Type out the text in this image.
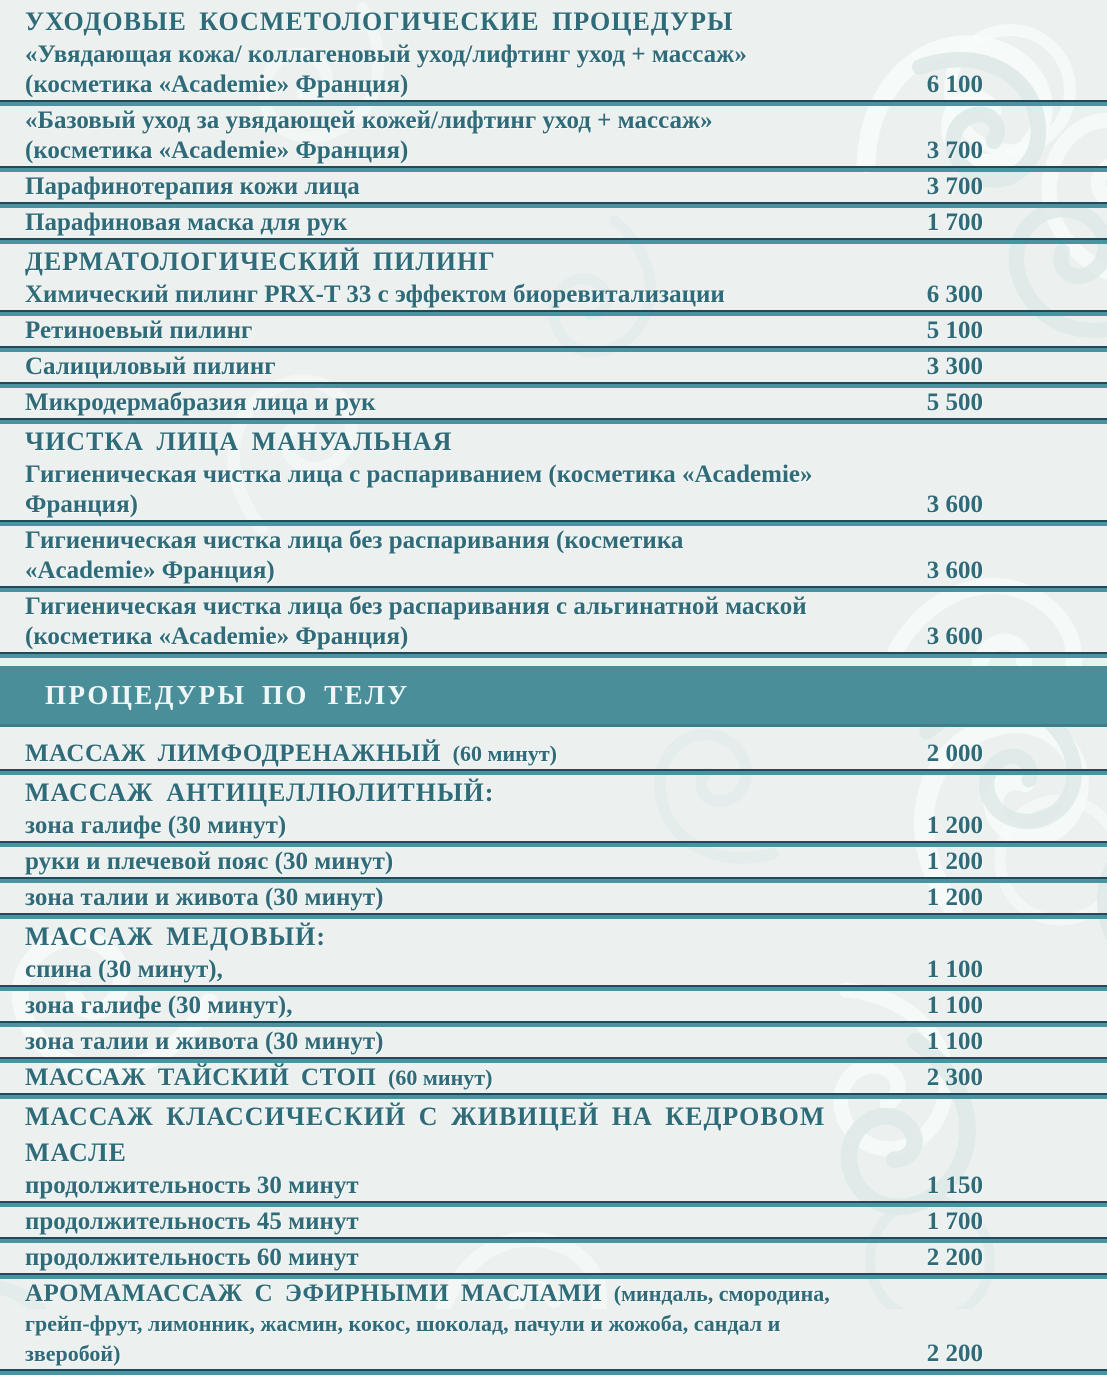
УХОДОВЫЕ КОСМЕТОЛОГИЧЕСКИЕ ПРОЦЕДУРЫ
«Увядающая кожа/ коллагеновый уход/лифтинг уход + массаж»
(косметика «Academie» Франция)	6 100
«Базовый уход за увядающей кожей/лифтинг уход + массаж»
(косметика «Academie» Франция)	3 700
Парафинотерапия кожи лица	3 700
Парафиновая маска для рук	1 700
ДЕРМАТОЛОГИЧЕСКИЙ ПИЛИНГ
Химический пилинг PRX-T 33 с эффектом биоревитализации	6 300
Ретиноевый пилинг	5 100
Салициловый пилинг	3 300
Микродермабразия лица и рук	5 500
ЧИСТКА ЛИЦА МАНУАЛЬНАЯ
Гигиеническая чистка лица с распариванием (косметика «Academie»
Франция)	3 600
Гигиеническая чистка лица без распаривания (косметика
«Academie» Франция)	3 600
Гигиеническая чистка лица без распаривания с альгинатной маской
(косметика «Academie» Франция)	3 600
ПРОЦЕДУРЫ ПО ТЕЛУ
МАССАЖ ЛИМФОДРЕНАЖНЫЙ (60 минут)	2 000
МАССАЖ АНТИЦЕЛЛЮЛИТНЫЙ:
зона галифе (30 минут)	1 200
руки и плечевой пояс (30 минут)	1 200
зона талии и живота (30 минут)	1 200
МАССАЖ МЕДОВЫЙ:
спина (30 минут),	1 100
зона галифе (30 минут),	1 100
зона талии и живота (30 минут)	1 100
МАССАЖ ТАЙСКИЙ СТОП (60 минут)	2 300
МАССАЖ КЛАССИЧЕСКИЙ С ЖИВИЦЕЙ НА КЕДРОВОМ МАСЛЕ
продолжительность 30 минут	1 150
продолжительность 45 минут	1 700
продолжительность 60 минут	2 200
АРОМАМАССАЖ С ЭФИРНЫМИ МАСЛАМИ (миндаль, смородина, грейп-фрут, лимонник, жасмин, кокос, шоколад, пачули и жожоба, сандал и зверобой)	2 200
